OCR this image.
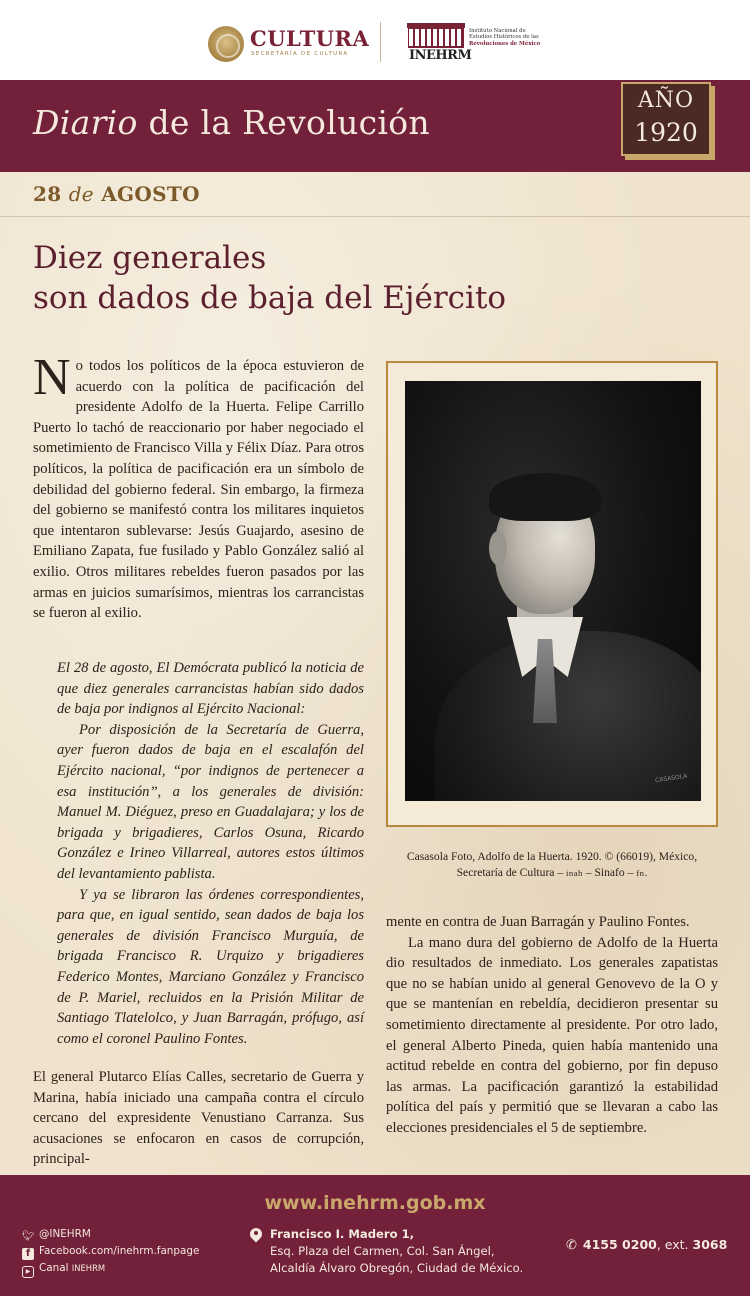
CULTURA
SECRETARÍA DE CULTURA	INEHRM
Instituto Nacional de
Estudios Históricos de las
Revoluciones de México
Diario de la Revolución
AÑO
1920
28 de AGOSTO
Diez generales
son dados de baja del Ejército
N o todos los políticos de la época estuvieron de acuerdo con la política de pacificación del presidente Adolfo de la Huerta. Felipe Carrillo Puerto lo tachó de reaccionario por haber negociado el sometimiento de Francisco Villa y Félix Díaz. Para otros políticos, la política de pacificación era un símbolo de debilidad del gobierno federal. Sin embargo, la firmeza del gobierno se manifestó contra los militares inquietos que intentaron sublevarse: Jesús Guajardo, asesino de Emiliano Zapata, fue fusilado y Pablo González salió al exilio. Otros militares rebeldes fueron pasados por las armas en juicios sumarísimos, mientras los carrancistas se fueron al exilio.

El 28 de agosto, El Demócrata publicó la noticia de que diez generales carrancistas habían sido dados de baja por indignos al Ejército Nacional:

Por disposición de la Secretaría de Guerra, ayer fueron dados de baja en el escalafón del Ejército nacional, “por indignos de pertenecer a esa institución”, a los generales de división: Manuel M. Diéguez, preso en Guadalajara; y los de brigada y brigadieres, Carlos Osuna, Ricardo González e Irineo Villarreal, autores estos últimos del levantamiento pablista.

Y ya se libraron las órdenes correspondientes, para que, en igual sentido, sean dados de baja los generales de división Francisco Murguía, de brigada Francisco R. Urquizo y brigadieres Federico Montes, Marciano González y Francisco de P. Mariel, recluidos en la Prisión Militar de Santiago Tlatelolco, y Juan Barragán, prófugo, así como el coronel Paulino Fontes.

El general Plutarco Elías Calles, secretario de Guerra y Marina, había iniciado una campaña contra el círculo cercano del expresidente Venustiano Carranza. Sus acusaciones se enfocaron en casos de corrupción, principal-
CASASOLA
Casasola Foto, Adolfo de la Huerta. 1920. © (66019), México,
Secretaría de Cultura – inah – Sinafo – fn.

mente en contra de Juan Barragán y Paulino Fontes.

La mano dura del gobierno de Adolfo de la Huerta dio resultados de inmediato. Los generales zapatistas que no se habían unido al general Genovevo de la O y que se mantenían en rebeldía, decidieron presentar su sometimiento directamente al presidente. Por otro lado, el general Alberto Pineda, quien había mantenido una actitud rebelde en contra del gobierno, por fin depuso las armas. La pacificación garantizó la estabilidad política del país y permitió que se llevaran a cabo las elecciones presidenciales el 5 de septiembre.

www.inehrm.gob.mx
🐦︎ @INEHRM
f Facebook.com/inehrm.fanpage
▶ Canal INEHRM
Francisco I. Madero 1,
Esq. Plaza del Carmen, Col. San Ángel,
Alcaldía Álvaro Obregón, Ciudad de México.
✆ 4155 0200, ext. 3068
